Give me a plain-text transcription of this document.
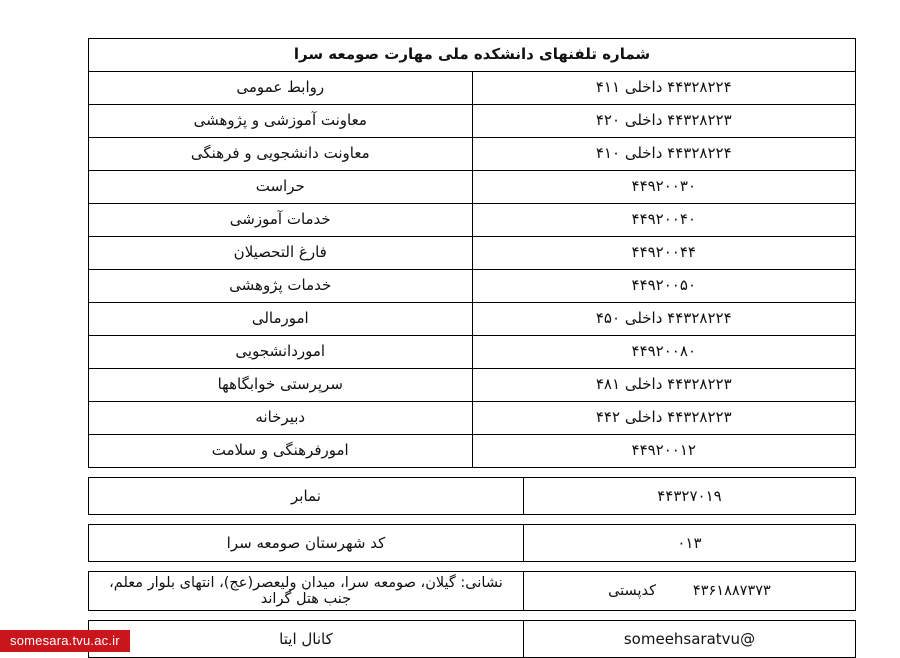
شماره تلفنهای دانشکده ملی مهارت صومعه سرا	
۴۴۳۲۸۲۲۴ داخلی ۴۱۱	روابط عمومی
۴۴۳۲۸۲۲۳ داخلی ۴۲۰	معاونت آموزشی و پژوهشی
۴۴۳۲۸۲۲۴ داخلی ۴۱۰	معاونت دانشجویی و فرهنگی
۴۴۹۲۰۰۳۰	حراست
۴۴۹۲۰۰۴۰	خدمات آموزشی
۴۴۹۲۰۰۴۴	فارغ التحصیلان
۴۴۹۲۰۰۵۰	خدمات پژوهشی
۴۴۳۲۸۲۲۴ داخلی ۴۵۰	امورمالی
۴۴۹۲۰۰۸۰	اموردانشجویی
۴۴۳۲۸۲۲۳ داخلی ۴۸۱	سرپرستی خوابگاهها
۴۴۳۲۸۲۲۳ داخلی ۴۴۲	دبیرخانه
۴۴۹۲۰۰۱۲	امورفرهنگی و سلامت
۴۴۳۲۷۰۱۹	نمابر
۰۱۳	کد شهرستان صومعه سرا
۴۳۶۱۸۸۷۳۷۳        کدپستی	نشانی: گیلان، صومعه سرا، میدان ولیعصر(عج)، انتهای بلوار معلم، جنب هتل گراند
@someehsaratvu	کانال ایتا
somesara.tvu.ac.ir
